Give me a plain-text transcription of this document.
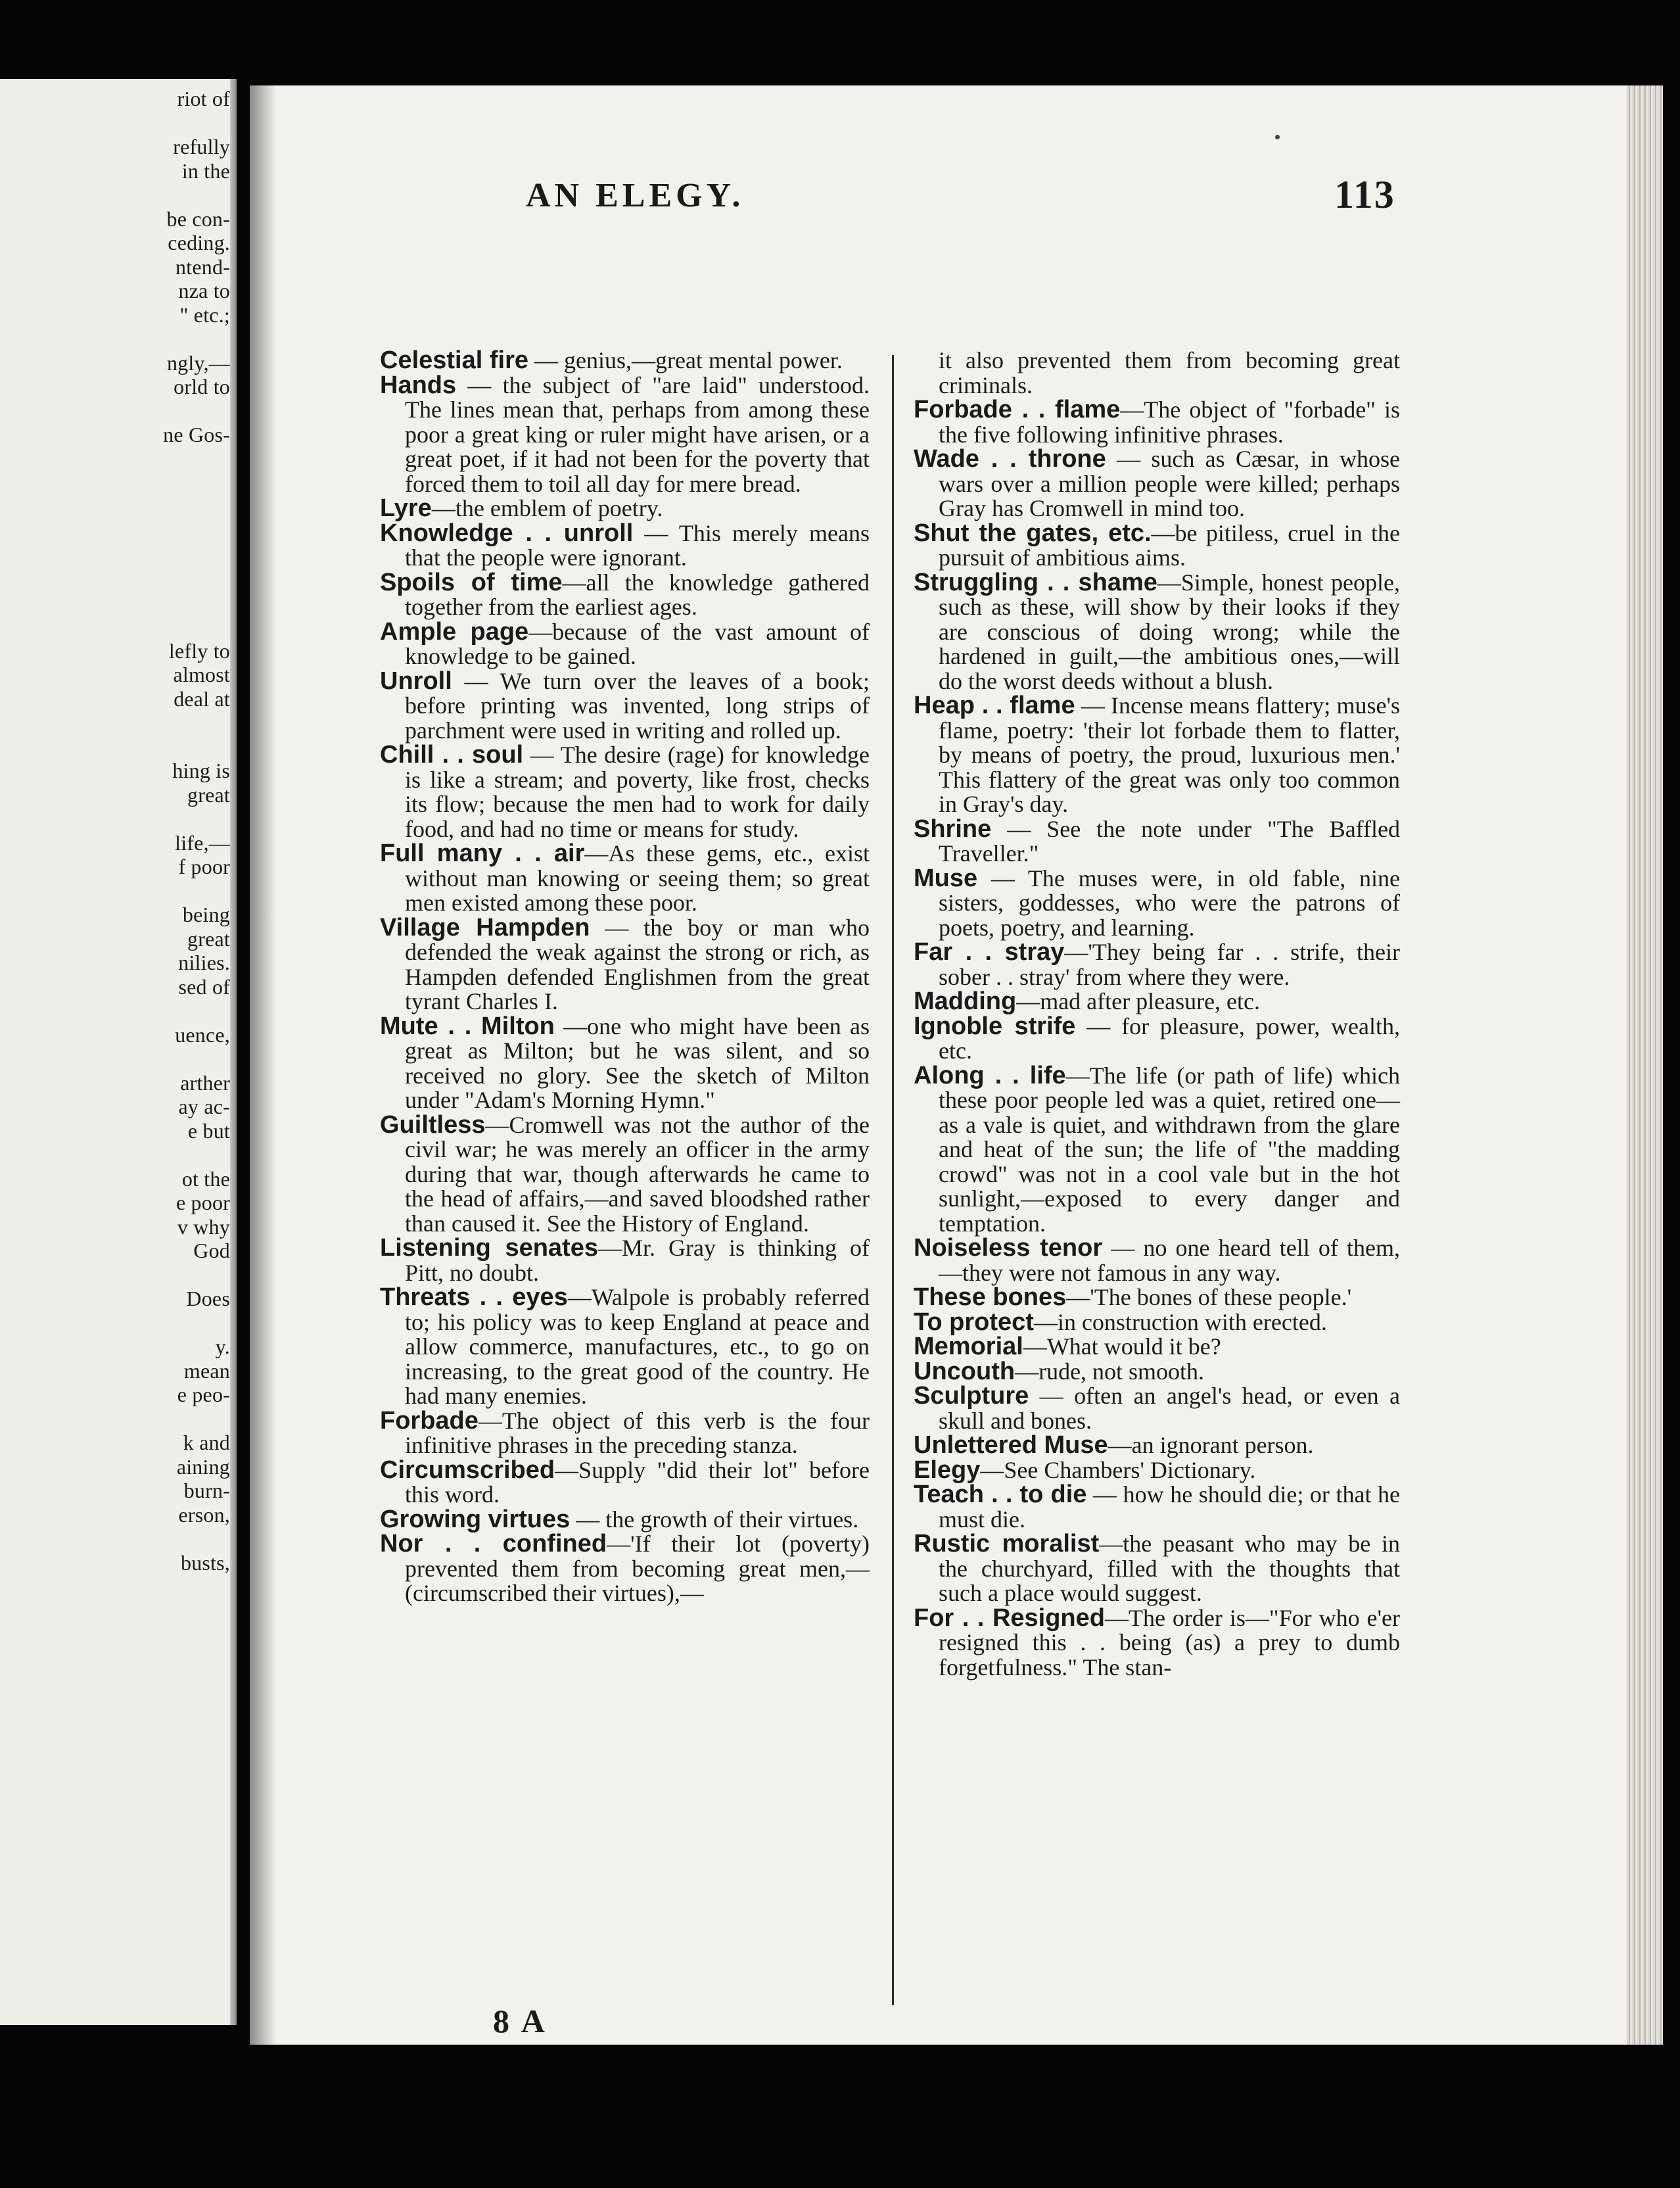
riot of
refully
in the
be con-
ceding.
ntend-
nza to
" etc.;
ngly,—
orld to
ne Gos-
lefly to
almost
deal at
hing is
great
life,—
f poor
being
great
nilies.
sed of
uence,
arther
ay ac-
e but
ot the
e poor
v why
God
Does
y.
mean
e peo-
k and
aining
burn-
erson,
busts,
AN ELEGY.	113

Celestial fire — genius,—great mental power.

Hands — the subject of "are laid" understood. The lines mean that, perhaps from among these poor a great king or ruler might have arisen, or a great poet, if it had not been for the poverty that forced them to toil all day for mere bread.

Lyre—the emblem of poetry.

Knowledge . . unroll — This merely means that the people were ignorant.

Spoils of time—all the knowledge gathered together from the earliest ages.

Ample page—because of the vast amount of knowledge to be gained.

Unroll — We turn over the leaves of a book; before printing was invented, long strips of parchment were used in writing and rolled up.

Chill . . soul — The desire (rage) for knowledge is like a stream; and poverty, like frost, checks its flow; because the men had to work for daily food, and had no time or means for study.

Full many . . air—As these gems, etc., exist without man knowing or seeing them; so great men existed among these poor.

Village Hampden — the boy or man who defended the weak against the strong or rich, as Hampden defended Englishmen from the great tyrant Charles I.

Mute . . Milton —one who might have been as great as Milton; but he was silent, and so received no glory. See the sketch of Milton under "Adam's Morning Hymn."

Guiltless—Cromwell was not the author of the civil war; he was merely an officer in the army during that war, though afterwards he came to the head of affairs,—and saved bloodshed rather than caused it. See the History of England.

Listening senates—Mr. Gray is thinking of Pitt, no doubt.

Threats . . eyes—Walpole is probably referred to; his policy was to keep England at peace and allow commerce, manufactures, etc., to go on increasing, to the great good of the country. He had many enemies.

Forbade—The object of this verb is the four infinitive phrases in the preceding stanza.

Circumscribed—Supply "did their lot" before this word.

Growing virtues — the growth of their virtues.

Nor . . confined—'If their lot (poverty) prevented them from becoming great men,—(circumscribed their virtues),—

it also prevented them from becoming great criminals.

Forbade . . flame—The object of "forbade" is the five following infinitive phrases.

Wade . . throne — such as Cæsar, in whose wars over a million people were killed; perhaps Gray has Cromwell in mind too.

Shut the gates, etc.—be pitiless, cruel in the pursuit of ambitious aims.

Struggling . . shame—Simple, honest people, such as these, will show by their looks if they are conscious of doing wrong; while the hardened in guilt,—the ambitious ones,—will do the worst deeds without a blush.

Heap . . flame — Incense means flattery; muse's flame, poetry: 'their lot forbade them to flatter, by means of poetry, the proud, luxurious men.' This flattery of the great was only too common in Gray's day.

Shrine — See the note under "The Baffled Traveller."

Muse — The muses were, in old fable, nine sisters, goddesses, who were the patrons of poets, poetry, and learning.

Far . . stray—'They being far . . strife, their sober . . stray' from where they were.

Madding—mad after pleasure, etc.

Ignoble strife — for pleasure, power, wealth, etc.

Along . . life—The life (or path of life) which these poor people led was a quiet, retired one—as a vale is quiet, and withdrawn from the glare and heat of the sun; the life of "the madding crowd" was not in a cool vale but in the hot sunlight,—exposed to every danger and temptation.

Noiseless tenor — no one heard tell of them,—they were not famous in any way.

These bones—'The bones of these people.'

To protect—in construction with erected.

Memorial—What would it be?

Uncouth—rude, not smooth.

Sculpture — often an angel's head, or even a skull and bones.

Unlettered Muse—an ignorant person.

Elegy—See Chambers' Dictionary.

Teach . . to die — how he should die; or that he must die.

Rustic moralist—the peasant who may be in the churchyard, filled with the thoughts that such a place would suggest.

For . . Resigned—The order is—"For who e'er resigned this . . being (as) a prey to dumb forgetfulness." The stan-

8 A
